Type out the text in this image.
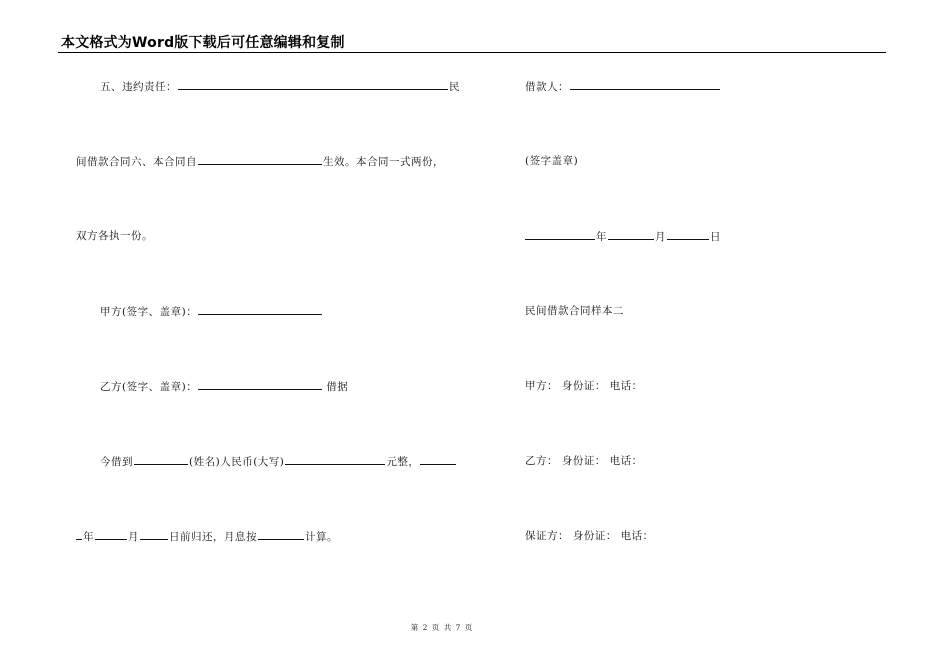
本文格式为Word版下载后可任意编辑和复制
五、违约责任：	民
间借款合同六、本合同自	生效。本合同一式两份，
双方各执一份。
甲方(签字、盖章)：
乙方(签字、盖章)：	借据
今借到	(姓名)人民币(大写)	元整，
年	月	日前归还，月息按	计算。
借款人：
(签字盖章)
年	月	日
民间借款合同样本二
甲方： 身份证： 电话：
乙方： 身份证： 电话：
保证方： 身份证： 电话：
第 2 页 共 7 页
